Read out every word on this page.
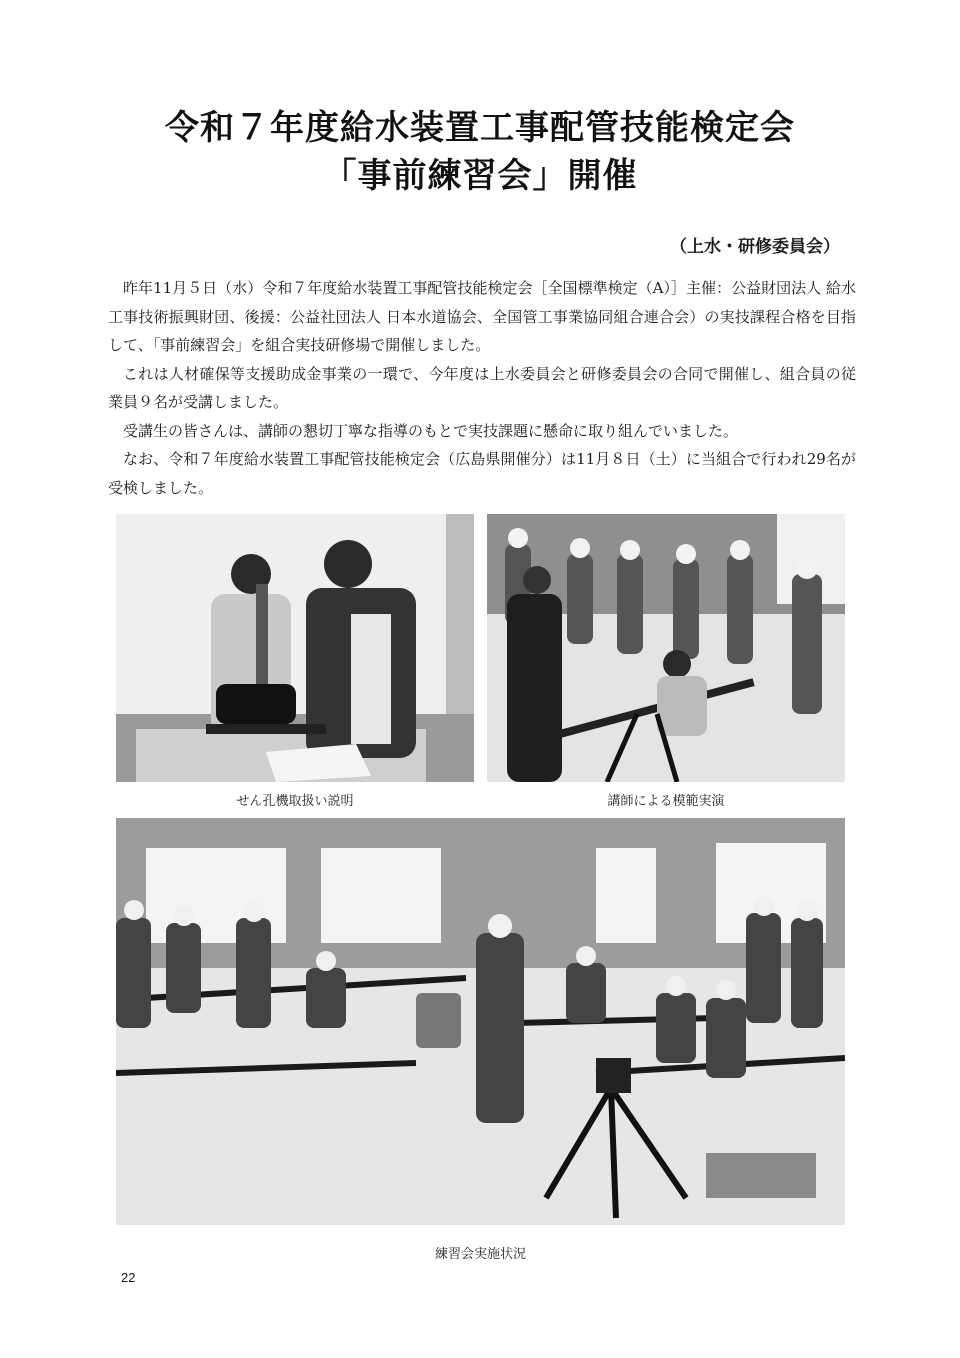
令和７年度給水装置工事配管技能検定会
「事前練習会」開催
（上水・研修委員会）

昨年11月５日（水）令和７年度給水装置工事配管技能検定会［全国標準検定（A）］主催：公益財団法人 給水工事技術振興財団、後援：公益社団法人 日本水道協会、全国管工事業協同組合連合会）の実技課程合格を目指して、「事前練習会」を組合実技研修場で開催しました。

これは人材確保等支援助成金事業の一環で、今年度は上水委員会と研修委員会の合同で開催し、組合員の従業員９名が受講しました。

受講生の皆さんは、講師の懇切丁寧な指導のもとで実技課題に懸命に取り組んでいました。

なお、令和７年度給水装置工事配管技能検定会（広島県開催分）は11月８日（土）に当組合で行われ29名が受検しました。

せん孔機取扱い説明	講師による模範実演
練習会実施状況
22
